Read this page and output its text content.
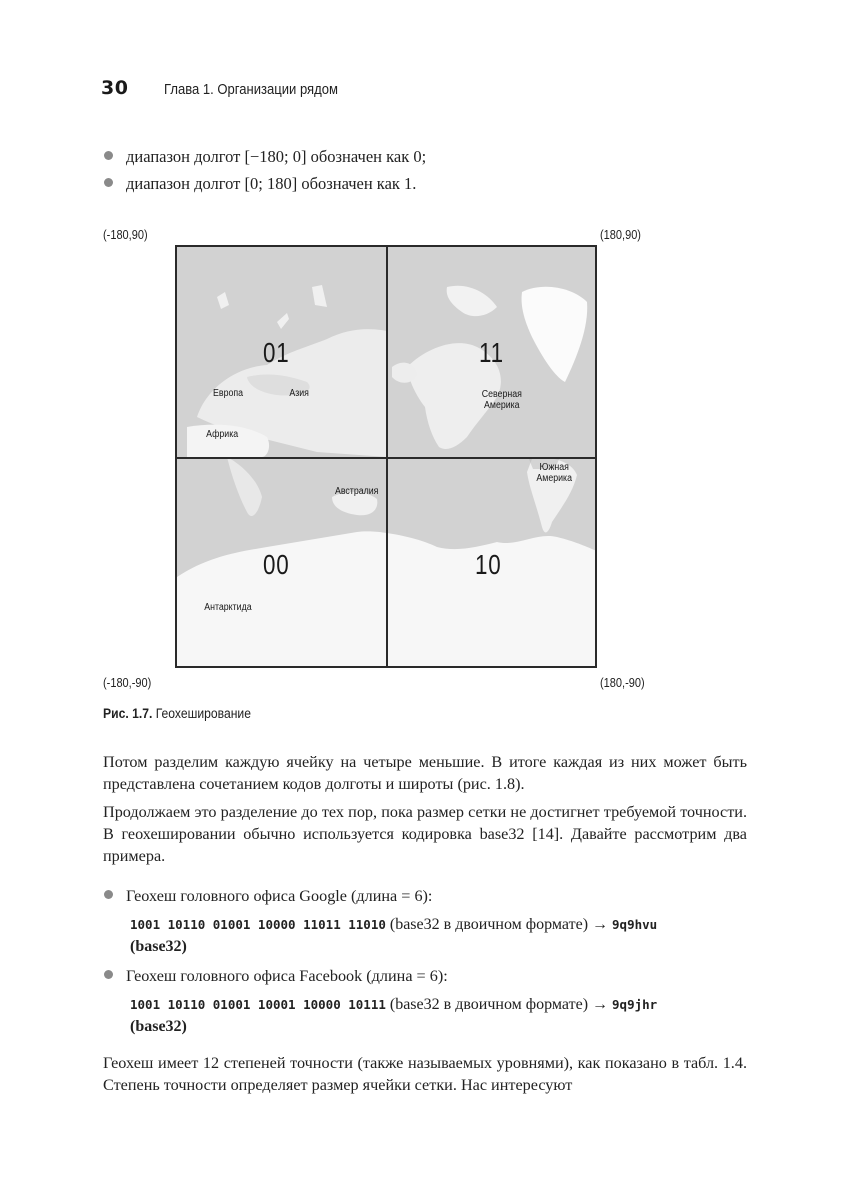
30 Глава 1. Организации рядом
диапазон долгот [−180; 0] обозначен как 0;
диапазон долгот [0; 180] обозначен как 1.
(-180,90)	(180,90)
(-180,-90)	(180,-90)
01	11
00	10
Европа	Азия
Африка
Северная
Америка
Южная
Америка
Австралия
Антарктида
Рис. 1.7. Геохеширование
Потом разделим каждую ячейку на четыре меньшие. В итоге каждая из них может быть представлена сочетанием кодов долготы и широты (рис. 1.8).
Продолжаем это разделение до тех пор, пока размер сетки не достигнет требуемой точности. В геохешировании обычно используется кодировка base32 [14]. Давайте рассмотрим два примера.
Геохеш головного офиса Google (длина = 6):
1001 10110 01001 10000 11011 11010 (base32 в двоичном формате) → 9q9hvu
(base32)
Геохеш головного офиса Facebook (длина = 6):
1001 10110 01001 10001 10000 10111 (base32 в двоичном формате) → 9q9jhr
(base32)
Геохеш имеет 12 степеней точности (также называемых уровнями), как показано в табл. 1.4. Степень точности определяет размер ячейки сетки. Нас интересуют
